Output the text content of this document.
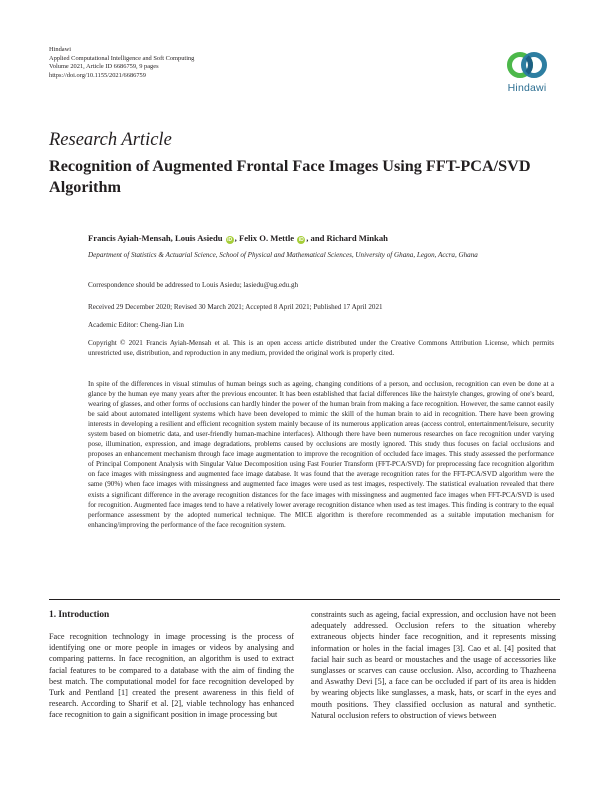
Hindawi
Applied Computational Intelligence and Soft Computing
Volume 2021, Article ID 6686759, 9 pages
https://doi.org/10.1155/2021/6686759
Hindawi
Research Article
Recognition of Augmented Frontal Face Images Using FFT-PCA/SVD Algorithm
Francis Ayiah-Mensah, Louis Asiedu iD , Felix O. Mettle iD , and Richard Minkah
Department of Statistics & Actuarial Science, School of Physical and Mathematical Sciences, University of Ghana, Legon, Accra, Ghana
Correspondence should be addressed to Louis Asiedu; lasiedu@ug.edu.gh
Received 29 December 2020; Revised 30 March 2021; Accepted 8 April 2021; Published 17 April 2021
Academic Editor: Cheng-Jian Lin
Copyright © 2021 Francis Ayiah-Mensah et al. This is an open access article distributed under the Creative Commons Attribution License, which permits unrestricted use, distribution, and reproduction in any medium, provided the original work is properly cited.
In spite of the differences in visual stimulus of human beings such as ageing, changing conditions of a person, and occlusion, recognition can even be done at a glance by the human eye many years after the previous encounter. It has been established that facial differences like the hairstyle changes, growing of one's beard, wearing of glasses, and other forms of occlusions can hardly hinder the power of the human brain from making a face recognition. However, the same cannot easily be said about automated intelligent systems which have been developed to mimic the skill of the human brain to aid in recognition. There have been growing interests in developing a resilient and efficient recognition system mainly because of its numerous application areas (access control, entertainment/leisure, security system based on biometric data, and user-friendly human-machine interfaces). Although there have been numerous researches on face recognition under varying pose, illumination, expression, and image degradations, problems caused by occlusions are mostly ignored. This study thus focuses on facial occlusions and proposes an enhancement mechanism through face image augmentation to improve the recognition of occluded face images. This study assessed the performance of Principal Component Analysis with Singular Value Decomposition using Fast Fourier Transform (FFT-PCA/SVD) for preprocessing face recognition algorithm on face images with missingness and augmented face image database. It was found that the average recognition rates for the FFT-PCA/SVD algorithm were the same (90%) when face images with missingness and augmented face images were used as test images, respectively. The statistical evaluation revealed that there exists a significant difference in the average recognition distances for the face images with missingness and augmented face images when FFT-PCA/SVD is used for recognition. Augmented face images tend to have a relatively lower average recognition distance when used as test images. This finding is contrary to the equal performance assessment by the adopted numerical technique. The MICE algorithm is therefore recommended as a suitable imputation mechanism for enhancing/improving the performance of the face recognition system.
1. Introduction

Face recognition technology in image processing is the process of identifying one or more people in images or videos by analysing and comparing patterns. In face recognition, an algorithm is used to extract facial features to be compared to a database with the aim of finding the best match. The computational model for face recognition developed by Turk and Pentland [1] created the present awareness in this field of research. According to Sharif et al. [2], viable technology has enhanced face recognition to gain a significant position in image processing but

constraints such as ageing, facial expression, and occlusion have not been adequately addressed. Occlusion refers to the situation whereby extraneous objects hinder face recognition, and it represents missing information or holes in the facial images [3]. Cao et al. [4] posited that facial hair such as beard or moustaches and the usage of accessories like sunglasses or scarves can cause occlusion. Also, according to Thazheena and Aswathy Devi [5], a face can be occluded if part of its area is hidden by wearing objects like sunglasses, a mask, hats, or scarf in the eyes and mouth positions. They classified occlusion as natural and synthetic. Natural occlusion refers to obstruction of views between
